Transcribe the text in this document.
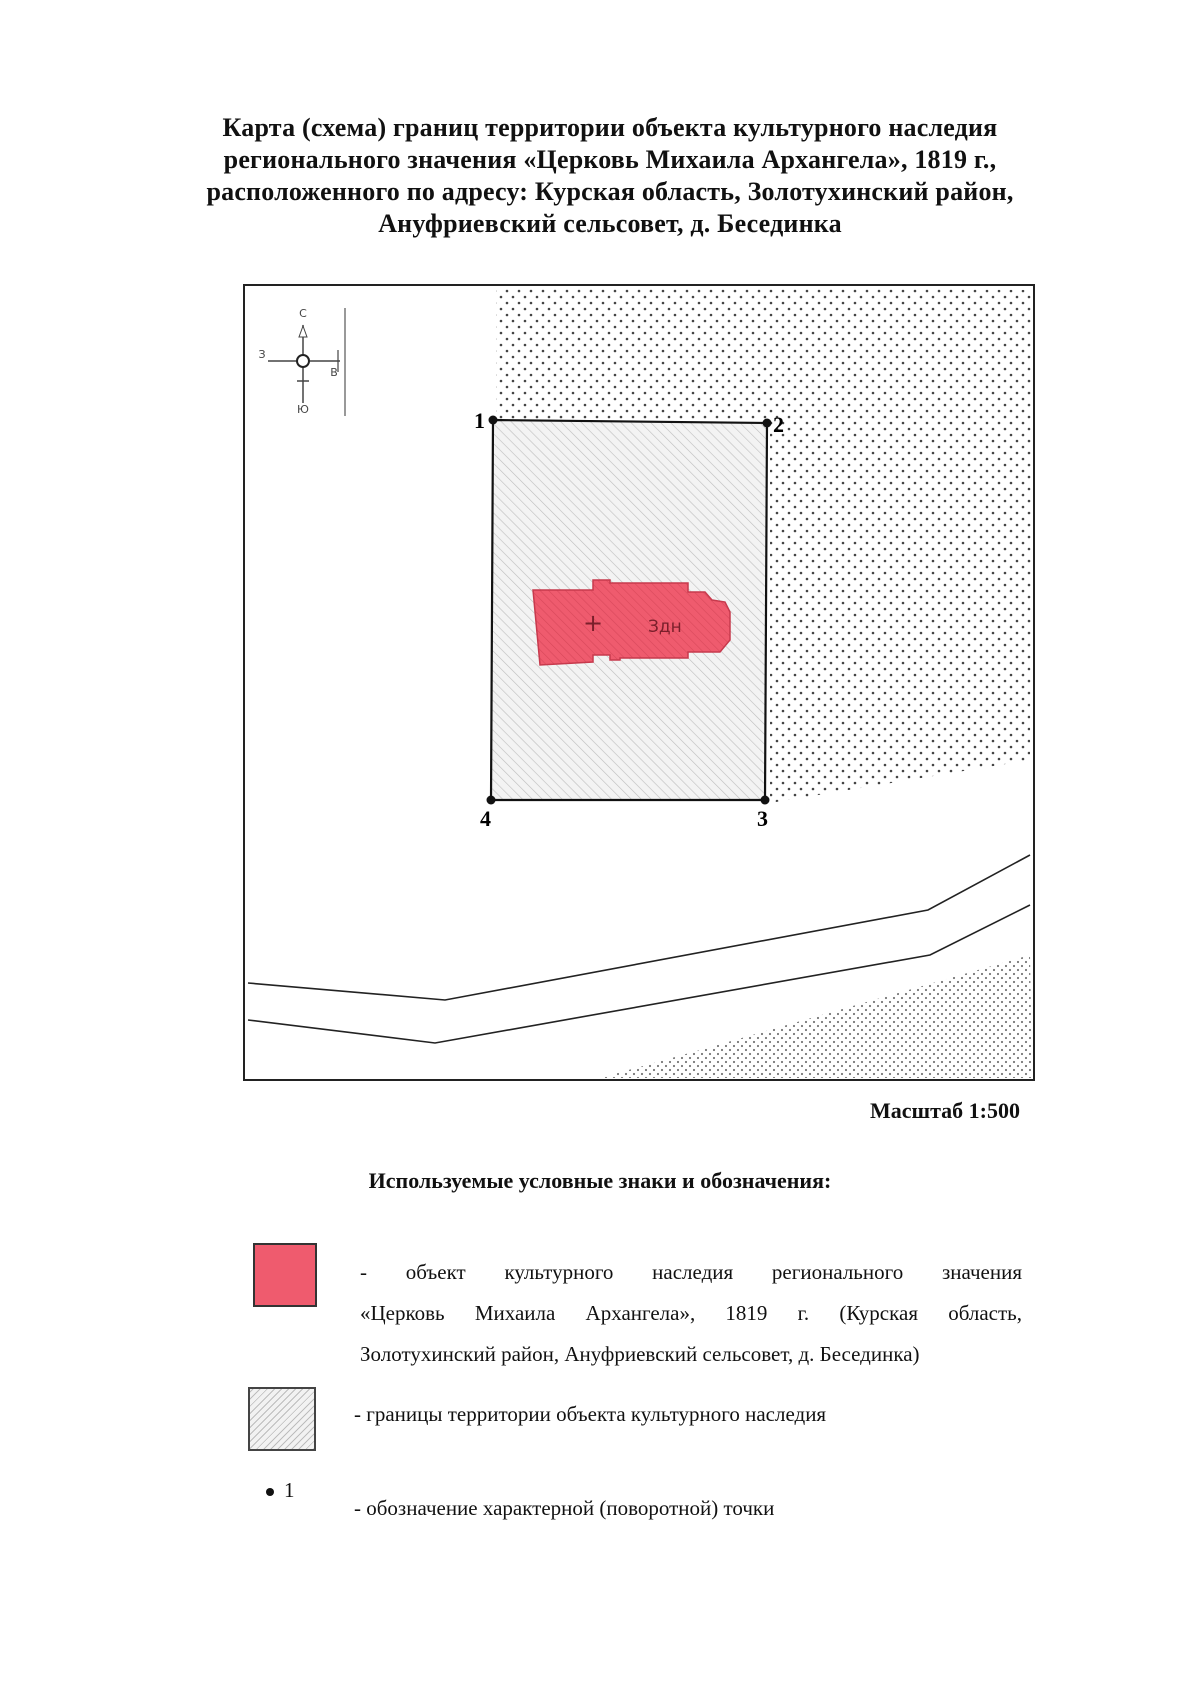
Карта (схема) границ территории объекта культурного наследия
регионального значения «Церковь Михаила Архангела», 1819 г.,
расположенного по адресу: Курская область, Золотухинский район,
Ануфриевский сельсовет, д. Бесединка
+	Здн
1	2
3
4
С
Ю
З
В
Масштаб 1:500
Используемые условные знаки и обозначения:
- объект культурного наследия регионального значения
«Церковь Михаила Архангела», 1819 г. (Курская область,
Золотухинский район, Ануфриевский сельсовет, д. Бесединка)
- границы территории объекта культурного наследия
1
- обозначение характерной (поворотной) точки
